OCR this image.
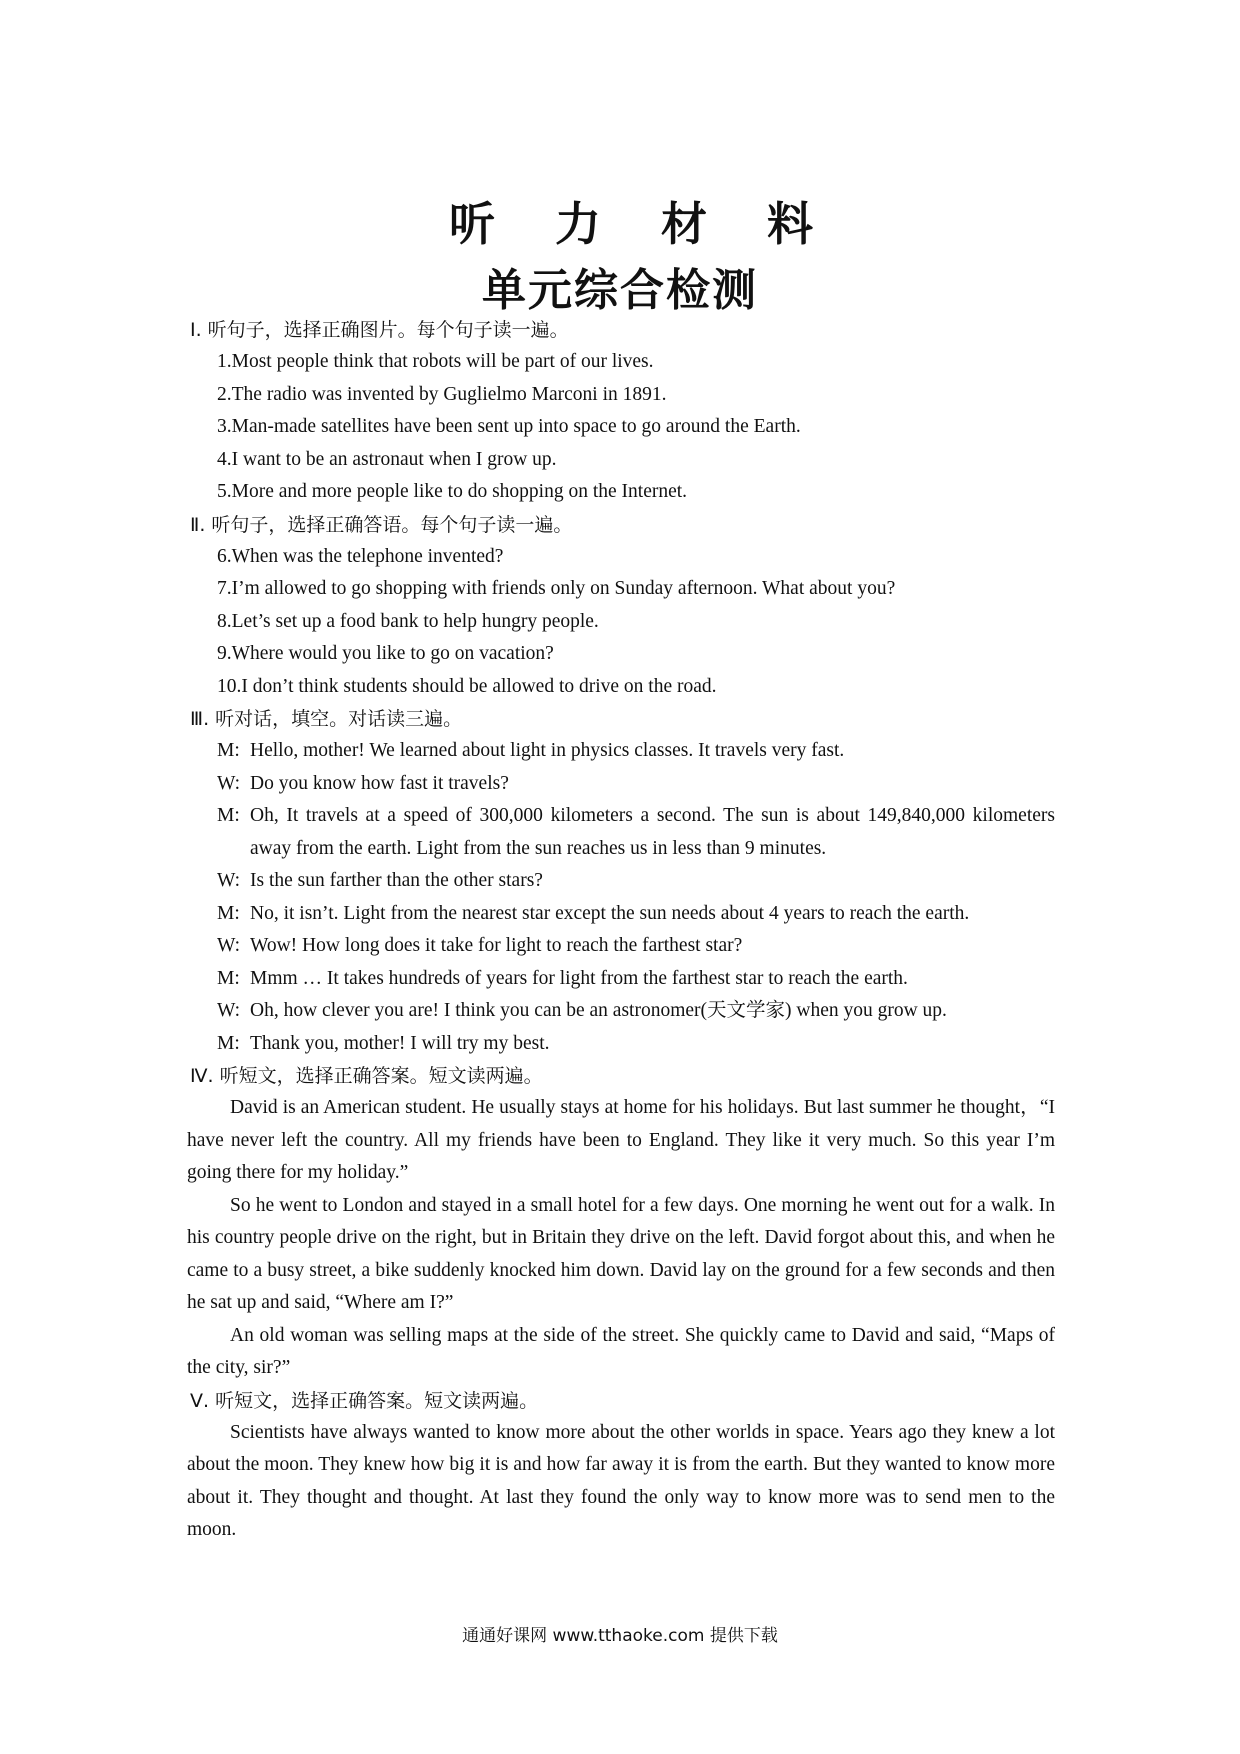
听 力 材 料
单元综合检测

Ⅰ. 听句子，选择正确图片。每个句子读一遍。

1.Most people think that robots will be part of our lives.

2.The radio was invented by Guglielmo Marconi in 1891.

3.Man-made satellites have been sent up into space to go around the Earth.

4.I want to be an astronaut when I grow up.

5.More and more people like to do shopping on the Internet.

Ⅱ. 听句子，选择正确答语。每个句子读一遍。

6.When was the telephone invented?

7.I’m allowed to go shopping with friends only on Sunday afternoon. What about you?

8.Let’s set up a food bank to help hungry people.

9.Where would you like to go on vacation?

10.I don’t think students should be allowed to drive on the road.

Ⅲ. 听对话，填空。对话读三遍。

M: Hello, mother! We learned about light in physics classes. It travels very fast.
W: Do you know how fast it travels?
M: Oh, It travels at a speed of 300,000 kilometers a second. The sun is about 149,840,000 kilometers away from the earth. Light from the sun reaches us in less than 9 minutes.
W: Is the sun farther than the other stars?
M: No, it isn’t. Light from the nearest star except the sun needs about 4 years to reach the earth.
W: Wow! How long does it take for light to reach the farthest star?
M: Mmm … It takes hundreds of years for light from the farthest star to reach the earth.
W: Oh, how clever you are! I think you can be an astronomer(天文学家) when you grow up.
M: Thank you, mother! I will try my best.

Ⅳ. 听短文，选择正确答案。短文读两遍。

David is an American student. He usually stays at home for his holidays. But last summer he thought，“I have never left the country. All my friends have been to England. They like it very much. So this year I’m going there for my holiday.”

So he went to London and stayed in a small hotel for a few days. One morning he went out for a walk. In his country people drive on the right, but in Britain they drive on the left. David forgot about this, and when he came to a busy street, a bike suddenly knocked him down. David lay on the ground for a few seconds and then he sat up and said, “Where am I?”

An old woman was selling maps at the side of the street. She quickly came to David and said, “Maps of the city, sir?”

Ⅴ. 听短文，选择正确答案。短文读两遍。

Scientists have always wanted to know more about the other worlds in space. Years ago they knew a lot about the moon. They knew how big it is and how far away it is from the earth. But they wanted to know more about it. They thought and thought. At last they found the only way to know more was to send men to the moon.

通通好课网 www.tthaoke.com 提供下载
